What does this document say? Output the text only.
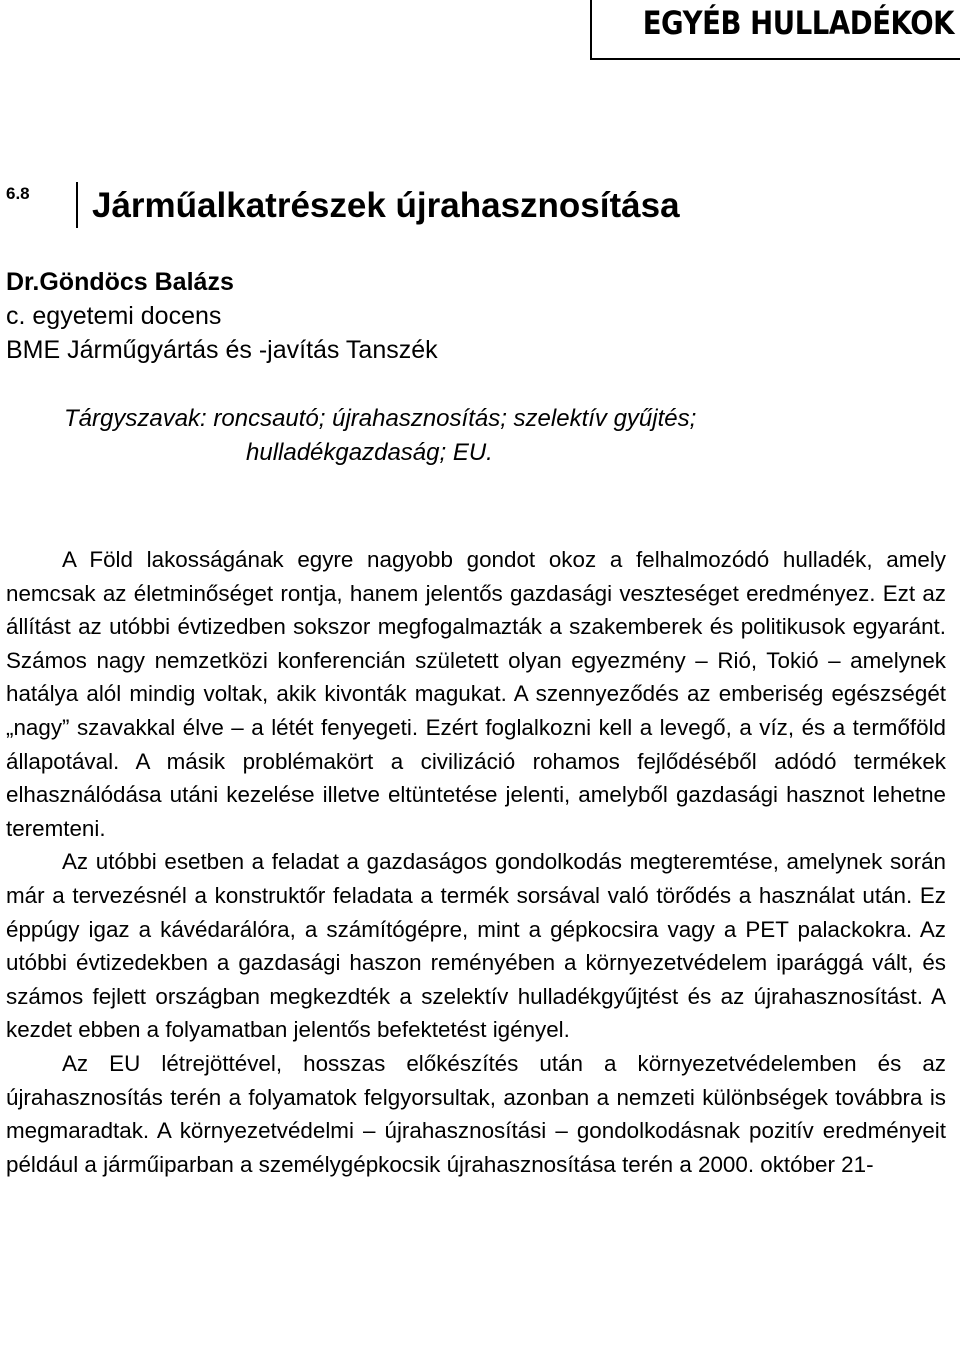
EGYÉB HULLADÉKOK
6.8 Járműalkatrészek újrahasznosítása
Dr.Göndöcs Balázs
c. egyetemi docens
BME Járműgyártás és -javítás Tanszék
Tárgyszavak: roncsautó; újrahasznosítás; szelektív gyűjtés;
hulladékgazdaság; EU.

A Föld lakosságának egyre nagyobb gondot okoz a felhalmozódó hulladék, amely nemcsak az életminőséget rontja, hanem jelentős gazdasági veszteséget eredményez. Ezt az állítást az utóbbi évtizedben sokszor megfogalmazták a szakemberek és politikusok egyaránt. Számos nagy nemzetközi konferencián született olyan egyezmény – Rió, Tokió – amelynek hatálya alól mindig voltak, akik kivonták magukat. A szennyeződés az emberiség egészségét „nagy” szavakkal élve – a létét fenyegeti. Ezért foglalkozni kell a levegő, a víz, és a termőföld állapotával. A másik problémakört a civilizáció rohamos fejlődéséből adódó termékek elhasználódása utáni kezelése illetve eltüntetése jelenti, amelyből gazdasági hasznot lehetne teremteni.

Az utóbbi esetben a feladat a gazdaságos gondolkodás megteremtése, amelynek során már a tervezésnél a konstruktőr feladata a termék sorsával való törődés a használat után. Ez éppúgy igaz a kávédarálóra, a számítógépre, mint a gépkocsira vagy a PET palackokra. Az utóbbi évtizedekben a gazdasági haszon reményében a környezetvédelem iparággá vált, és számos fejlett országban megkezdték a szelektív hulladékgyűjtést és az újrahasznosítást. A kezdet ebben a folyamatban jelentős befektetést igényel.

Az EU létrejöttével, hosszas előkészítés után a környezetvédelemben és az újrahasznosítás terén a folyamatok felgyorsultak, azonban a nemzeti különbségek továbbra is megmaradtak. A környezetvédelmi – újrahasznosítási – gondolkodásnak pozitív eredményeit például a járműiparban a személygépkocsik újrahasznosítása terén a 2000. október 21-
